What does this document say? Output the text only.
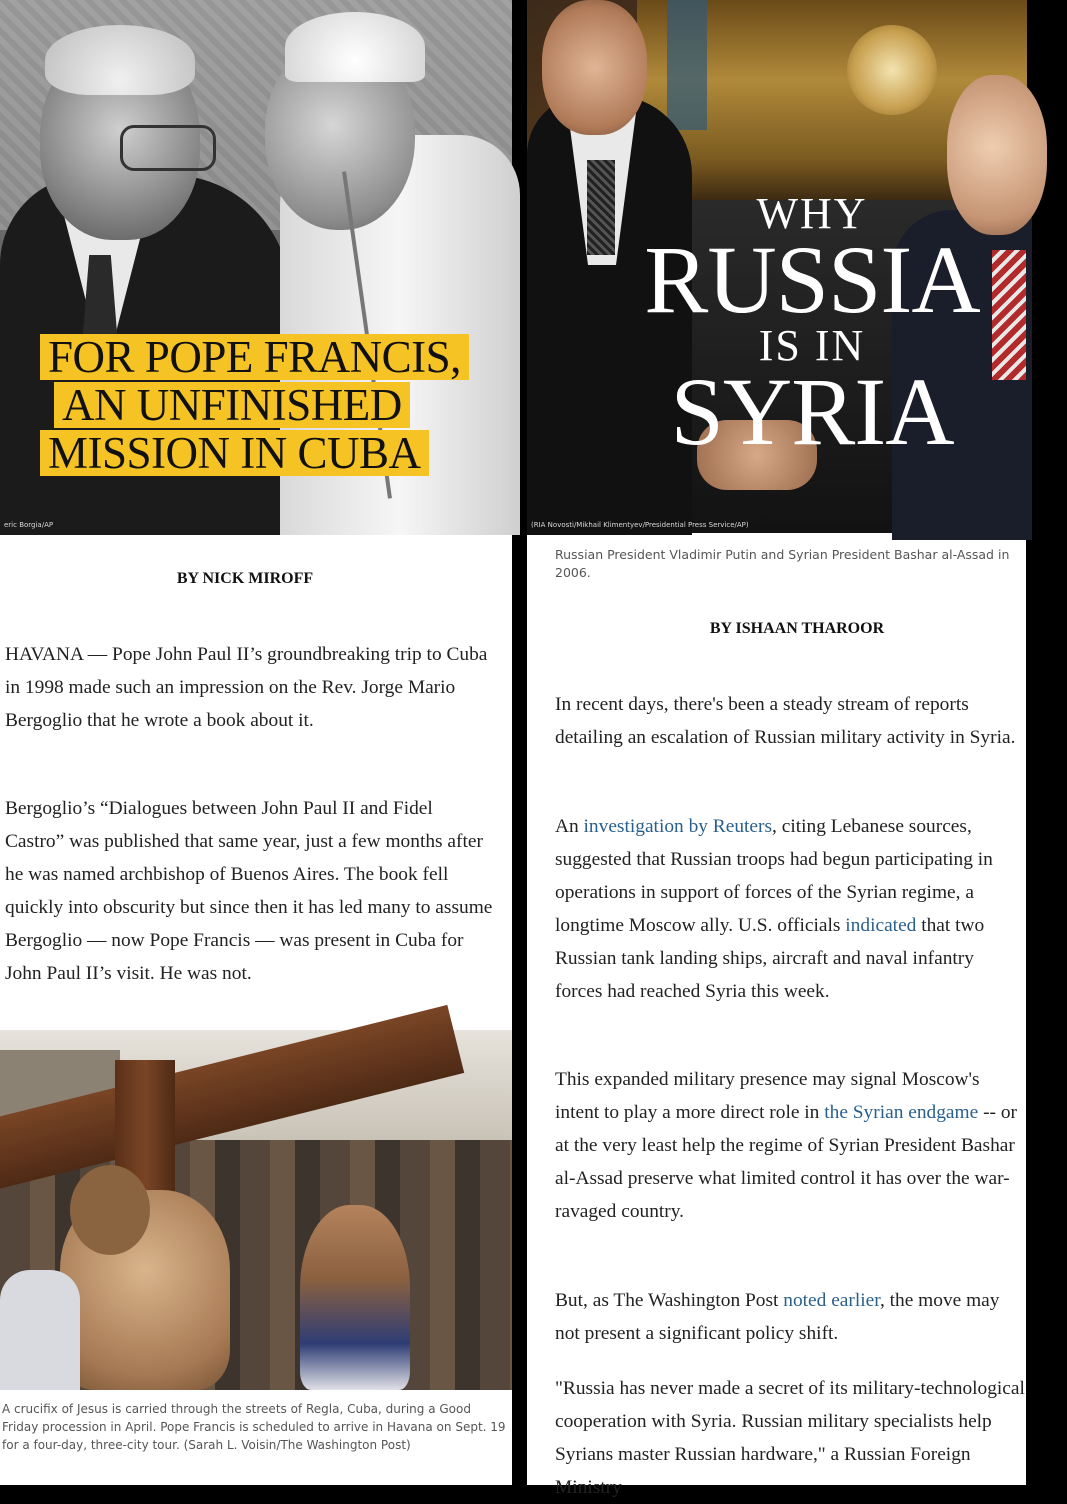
FOR POPE FRANCIS,
AN UNFINISHED
MISSION IN CUBA
eric Borgia/AP
BY NICK MIROFF

HAVANA — Pope John Paul II’s groundbreaking trip to Cuba in 1998 made such an impression on the Rev. Jorge Mario Bergoglio that he wrote a book about it.

Bergoglio’s “Dialogues between John Paul II and Fidel Castro” was published that same year, just a few months after he was named archbishop of Buenos Aires. The book fell quickly into obscurity but since then it has led many to assume Bergoglio — now Pope Francis — was present in Cuba for John Paul II’s visit. He was not.

A crucifix of Jesus is carried through the streets of Regla, Cuba, during a Good Friday procession in April. Pope Francis is scheduled to arrive in Havana on Sept. 19 for a four-day, three-city tour. (Sarah L. Voisin/The Washington Post)

WHY
RUSSIA
IS IN
SYRIA
(RIA Novosti/Mikhail Klimentyev/Presidential Press Service/AP)

Russian President Vladimir Putin and Syrian President Bashar al-Assad in 2006.

BY ISHAAN THAROOR

In recent days, there's been a steady stream of reports detailing an escalation of Russian military activity in Syria.

An investigation by Reuters, citing Lebanese sources, suggested that Russian troops had begun participating in operations in support of forces of the Syrian regime, a longtime Moscow ally. U.S. officials indicated that two Russian tank landing ships, aircraft and naval infantry forces had reached Syria this week.

This expanded military presence may signal Moscow's intent to play a more direct role in the Syrian endgame -- or at the very least help the regime of Syrian President Bashar al-Assad preserve what limited control it has over the war-ravaged country.

But, as The Washington Post noted earlier, the move may not present a significant policy shift.

"Russia has never made a secret of its military-technological cooperation with Syria. Russian military specialists help Syrians master Russian hardware," a Russian Foreign Ministry
